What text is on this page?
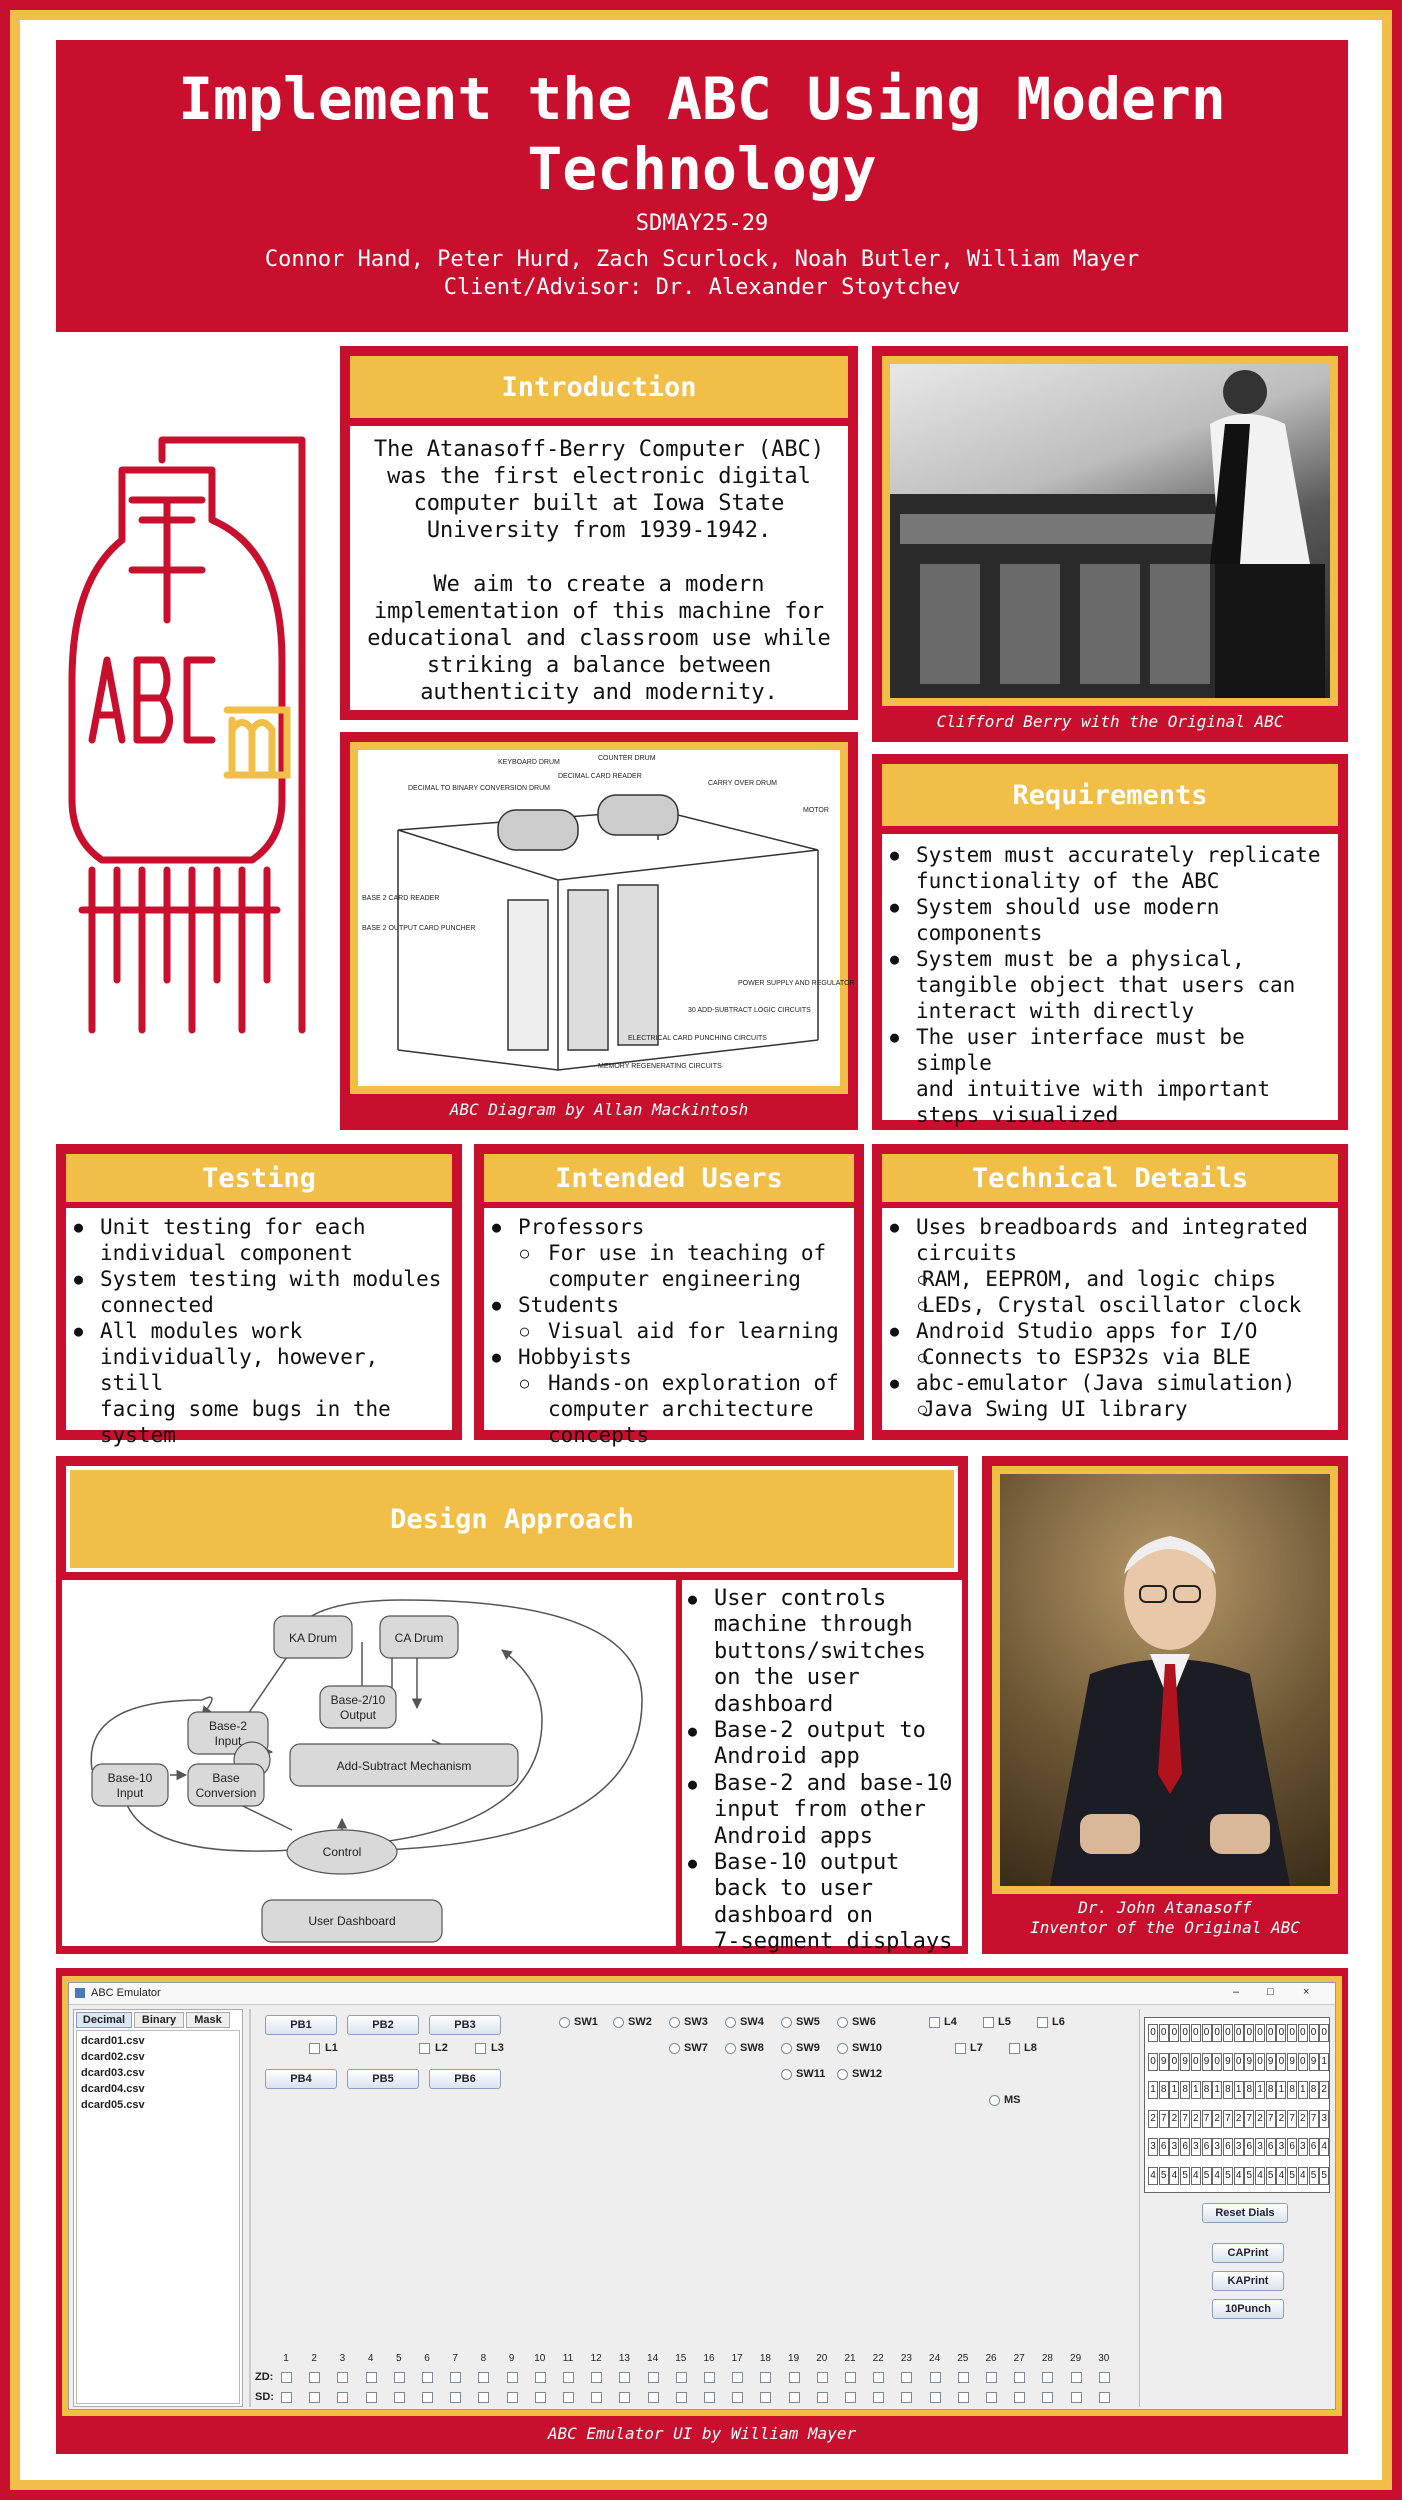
Implement the ABC Using Modern
Technology
SDMAY25-29
Connor Hand, Peter Hurd, Zach Scurlock, Noah Butler, William Mayer
Client/Advisor: Dr. Alexander Stoytchev
Introduction
The Atanasoff-Berry Computer (ABC)
was the first electronic digital
computer built at Iowa State
University from 1939-1942.
We aim to create a modern
implementation of this machine for
educational and classroom use while
striking a balance between
authenticity and modernity.
Clifford Berry with the Original ABC
KEYBOARD DRUM
COUNTER DRUM
DECIMAL TO BINARY CONVERSION DRUM
DECIMAL CARD READER
CARRY OVER DRUM
MOTOR
BASE 2 CARD READER
BASE 2 OUTPUT CARD PUNCHER
POWER SUPPLY AND REGULATOR
30 ADD-SUBTRACT LOGIC CIRCUITS
ELECTRICAL CARD PUNCHING CIRCUITS
MEMORY REGENERATING CIRCUITS
ABC Diagram by Allan Mackintosh
Requirements
● System must accurately replicate
functionality of the ABC
● System should use modern
components
● System must be a physical,
tangible object that users can
interact with directly
● The user interface must be simple
and intuitive with important
steps visualized
Testing
● Unit testing for each
individual component
● System testing with modules
connected
● All modules work
individually, however, still
facing some bugs in the
system
Intended Users
● Professors
○ For use in teaching of
computer engineering
● Students
○ Visual aid for learning
● Hobbyists
○ Hands-on exploration of
computer architecture
concepts
Technical Details
● Uses breadboards and integrated
circuits
○ RAM, EEPROM, and logic chips
○ LEDs, Crystal oscillator clock
● Android Studio apps for I/O
○ Connects to ESP32s via BLE
● abc-emulator (Java simulation)
○ Java Swing UI library
Design Approach
KA Drum	CA Drum
Base-2
Input
Base-2/10
Output
Add-Subtract Mechanism
Base-10
Input
Base
Conversion
Control
User Dashboard
● User controls
machine through
buttons/switches
on the user
dashboard
● Base-2 output to
Android app
● Base-2 and base-10
input from other
Android apps
● Base-10 output
back to user
dashboard on
7-segment displays
Dr. John Atanasoff
Inventor of the Original ABC
ABC Emulator	–	□	×
Decimal	Binary	Mask
dcard01.csv
dcard02.csv
dcard03.csv
dcard04.csv
dcard05.csv
PB1	PB2	PB3
L1	L2	L3
PB4	PB5	PB6
SW1	SW2	SW3	SW4	SW5	SW6
SW7	SW8	SW9	SW10
SW11 SW12
L4	L5	L6
L7	L8
MS
0 0 0 0 0 0 0 0 0 0 0 0 0 0 0 0 0
0 9 0 9 0 9 0 9 0 9 0 9 0 9 0 9 1
1 8 1 8 1 8 1 8 1 8 1 8 1 8 1 8 2
2 7 2 7 2 7 2 7 2 7 2 7 2 7 2 7 3
3 6 3 6 3 6 3 6 3 6 3 6 3 6 3 6 4
4 5 4 5 4 5 4 5 4 5 4 5 4 5 4 5 5
Reset Dials
CAPrint
KAPrint
10Punch
ZD:
SD:
1	2	3	4	5	6	7	8	9	10	11	12	13	14	15	16	17	18	19	20	21	22	23	24	25	26	27	28	29	30
ABC Emulator UI by William Mayer
